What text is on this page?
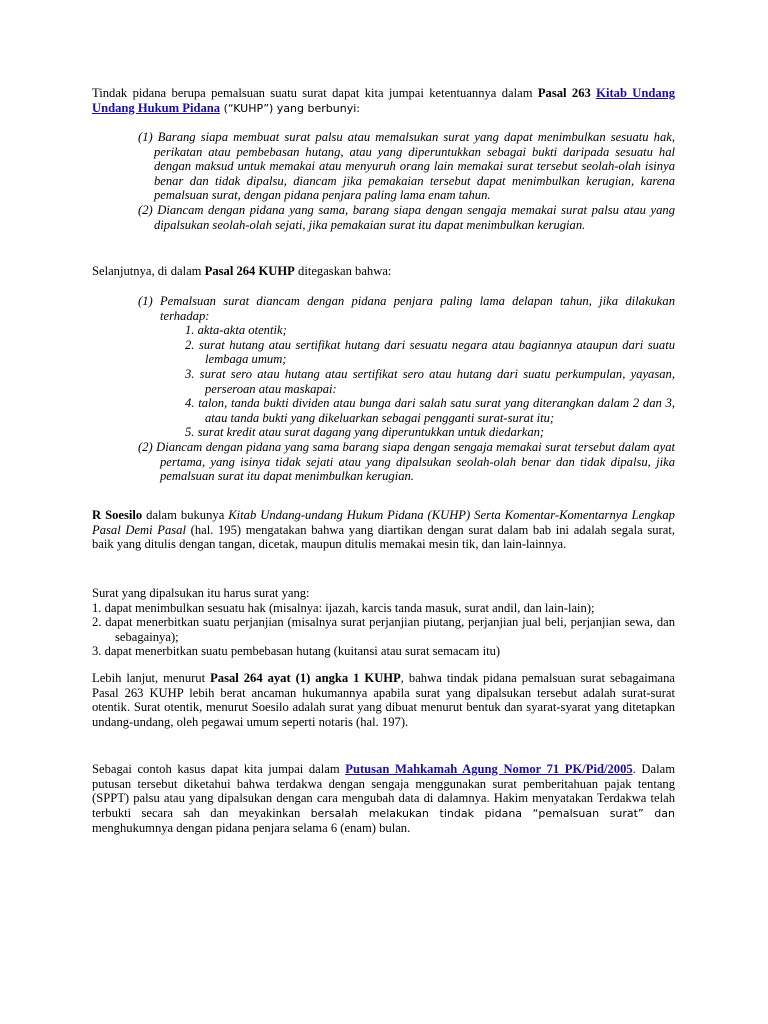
Tindak pidana berupa pemalsuan suatu surat dapat kita jumpai ketentuannya dalam Pasal 263 Kitab Undang Undang Hukum Pidana (“KUHP”) yang berbunyi:

(1) Barang siapa membuat surat palsu atau memalsukan surat yang dapat menimbulkan sesuatu hak, perikatan atau pembebasan hutang, atau yang diperuntukkan sebagai bukti daripada sesuatu hal dengan maksud untuk memakai atau menyuruh orang lain memakai surat tersebut seolah-olah isinya benar dan tidak dipalsu, diancam jika pemakaian tersebut dapat menimbulkan kerugian, karena pemalsuan surat, dengan pidana penjara paling lama enam tahun.

(2) Diancam dengan pidana yang sama, barang siapa dengan sengaja memakai surat palsu atau yang dipalsukan seolah-olah sejati, jika pemakaian surat itu dapat menimbulkan kerugian.

Selanjutnya, di dalam Pasal 264 KUHP ditegaskan bahwa:

(1) Pemalsuan surat diancam dengan pidana penjara paling lama delapan tahun, jika dilakukan terhadap:

1. akta-akta otentik;

2. surat hutang atau sertifikat hutang dari sesuatu negara atau bagiannya ataupun dari suatu lembaga umum;

3. surat sero atau hutang atau sertifikat sero atau hutang dari suatu perkumpulan, yayasan, perseroan atau maskapai:

4. talon, tanda bukti dividen atau bunga dari salah satu surat yang diterangkan dalam 2 dan 3, atau tanda bukti yang dikeluarkan sebagai pengganti surat-surat itu;

5. surat kredit atau surat dagang yang diperuntukkan untuk diedarkan;

(2) Diancam dengan pidana yang sama barang siapa dengan sengaja memakai surat tersebut dalam ayat pertama, yang isinya tidak sejati atau yang dipalsukan seolah-olah benar dan tidak dipalsu, jika pemalsuan surat itu dapat menimbulkan kerugian.

R Soesilo dalam bukunya Kitab Undang-undang Hukum Pidana (KUHP) Serta Komentar-Komentarnya Lengkap Pasal Demi Pasal (hal. 195) mengatakan bahwa yang diartikan dengan surat dalam bab ini adalah segala surat, baik yang ditulis dengan tangan, dicetak, maupun ditulis memakai mesin tik, dan lain-lainnya.

Surat yang dipalsukan itu harus surat yang:

1. dapat menimbulkan sesuatu hak (misalnya: ijazah, karcis tanda masuk, surat andil, dan lain-lain);

2. dapat menerbitkan suatu perjanjian (misalnya surat perjanjian piutang, perjanjian jual beli, perjanjian sewa, dan sebagainya);

3. dapat menerbitkan suatu pembebasan hutang (kuitansi atau surat semacam itu)

Lebih lanjut, menurut Pasal 264 ayat (1) angka 1 KUHP, bahwa tindak pidana pemalsuan surat sebagaimana Pasal 263 KUHP lebih berat ancaman hukumannya apabila surat yang dipalsukan tersebut adalah surat-surat otentik. Surat otentik, menurut Soesilo adalah surat yang dibuat menurut bentuk dan syarat-syarat yang ditetapkan undang-undang, oleh pegawai umum seperti notaris (hal. 197).

Sebagai contoh kasus dapat kita jumpai dalam Putusan Mahkamah Agung Nomor 71 PK/Pid/2005. Dalam putusan tersebut diketahui bahwa terdakwa dengan sengaja menggunakan surat pemberitahuan pajak tentang (SPPT) palsu atau yang dipalsukan dengan cara mengubah data di dalamnya. Hakim menyatakan Terdakwa telah terbukti secara sah dan meyakinkan bersalah melakukan tindak pidana “pemalsuan surat” dan menghukumnya dengan pidana penjara selama 6 (enam) bulan.
